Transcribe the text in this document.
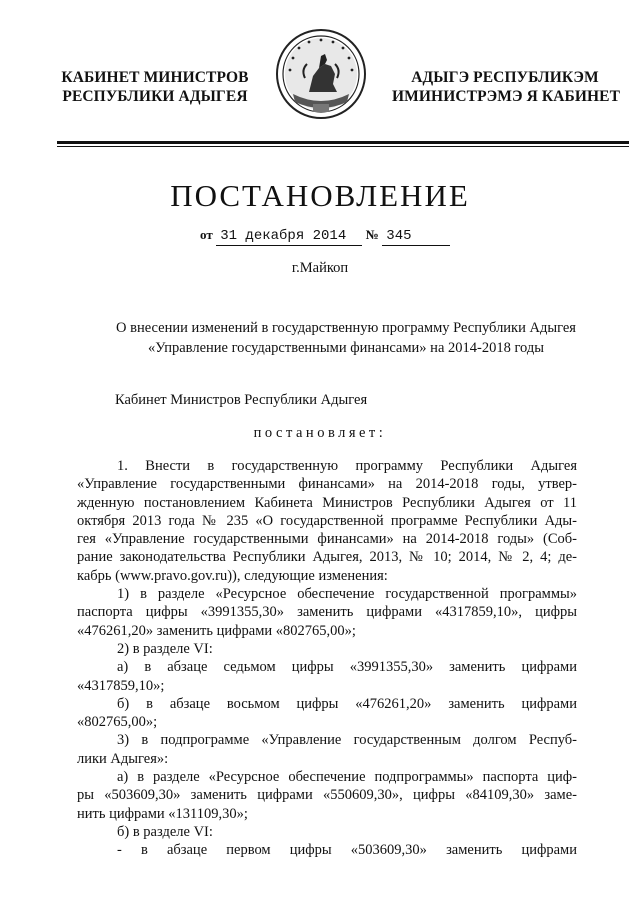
КАБИНЕТ МИНИСТРОВ
РЕСПУБЛИКИ АДЫГЕЯ
АДЫГЭ РЕСПУБЛИКЭМ
ИМИНИСТРЭМЭ Я КАБИНЕТ
ПОСТАНОВЛЕНИЕ
от 31 декабря 2014 № 345
г.Майкоп
О внесении изменений в государственную программу Республики Адыгея
«Управление государственными финансами» на 2014-2018 годы
Кабинет Министров Республики Адыгея
постановляет:
1. Внести в государственную программу Республики Адыгея
«Управление государственными финансами» на 2014-2018 годы, утвер-
жденную постановлением Кабинета Министров Республики Адыгея от 11
октября 2013 года № 235 «О государственной программе Республики Ады-
гея «Управление государственными финансами» на 2014-2018 годы» (Соб-
рание законодательства Республики Адыгея, 2013, № 10; 2014, № 2, 4; де-
кабрь (www.pravo.gov.ru)), следующие изменения:
1) в разделе «Ресурсное обеспечение государственной программы»
паспорта цифры «3991355,30» заменить цифрами «4317859,10», цифры
«476261,20» заменить цифрами «802765,00»;
2) в разделе VI:
а) в абзаце седьмом цифры «3991355,30» заменить цифрами
«4317859,10»;
б) в абзаце восьмом цифры «476261,20» заменить цифрами
«802765,00»;
3) в подпрограмме «Управление государственным долгом Респуб-
лики Адыгея»:
а) в разделе «Ресурсное обеспечение подпрограммы» паспорта циф-
ры «503609,30» заменить цифрами «550609,30», цифры «84109,30» заме-
нить цифрами «131109,30»;
б) в разделе VI:
- в абзаце первом цифры «503609,30» заменить цифрами
